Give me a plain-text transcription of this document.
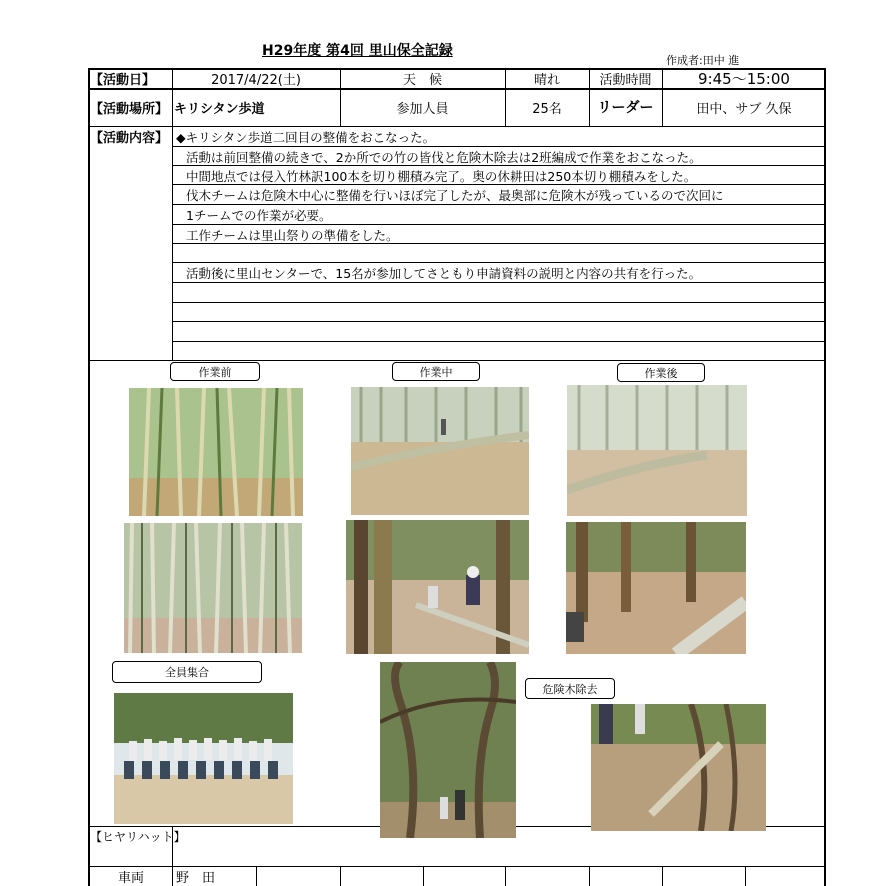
H29年度 第4回 里山保全記録
作成者:田中 進
【活動日】	2017/4/22(土)	天　候	晴れ	活動時間	9:45〜15:00
【活動場所】 キリシタン歩道	参加人員	25名	リーダー	田中、サブ 久保
【活動内容】 ◆キリシタン歩道二回目の整備をおこなった。
活動は前回整備の続きで、2か所での竹の皆伐と危険木除去は2班編成で作業をおこなった。
中間地点では侵入竹林訳100本を切り棚積み完了。奥の休耕田は250本切り棚積みをした。
伐木チームは危険木中心に整備を行いほぼ完了したが、最奥部に危険木が残っているので次回に
1チームでの作業が必要。
工作チームは里山祭りの準備をした。
活動後に里山センターで、15名が参加してさともり申請資料の説明と内容の共有を行った。
作業前	作業中	作業後
全員集合
危険木除去
【ヒヤリハット】
車両	野　田
